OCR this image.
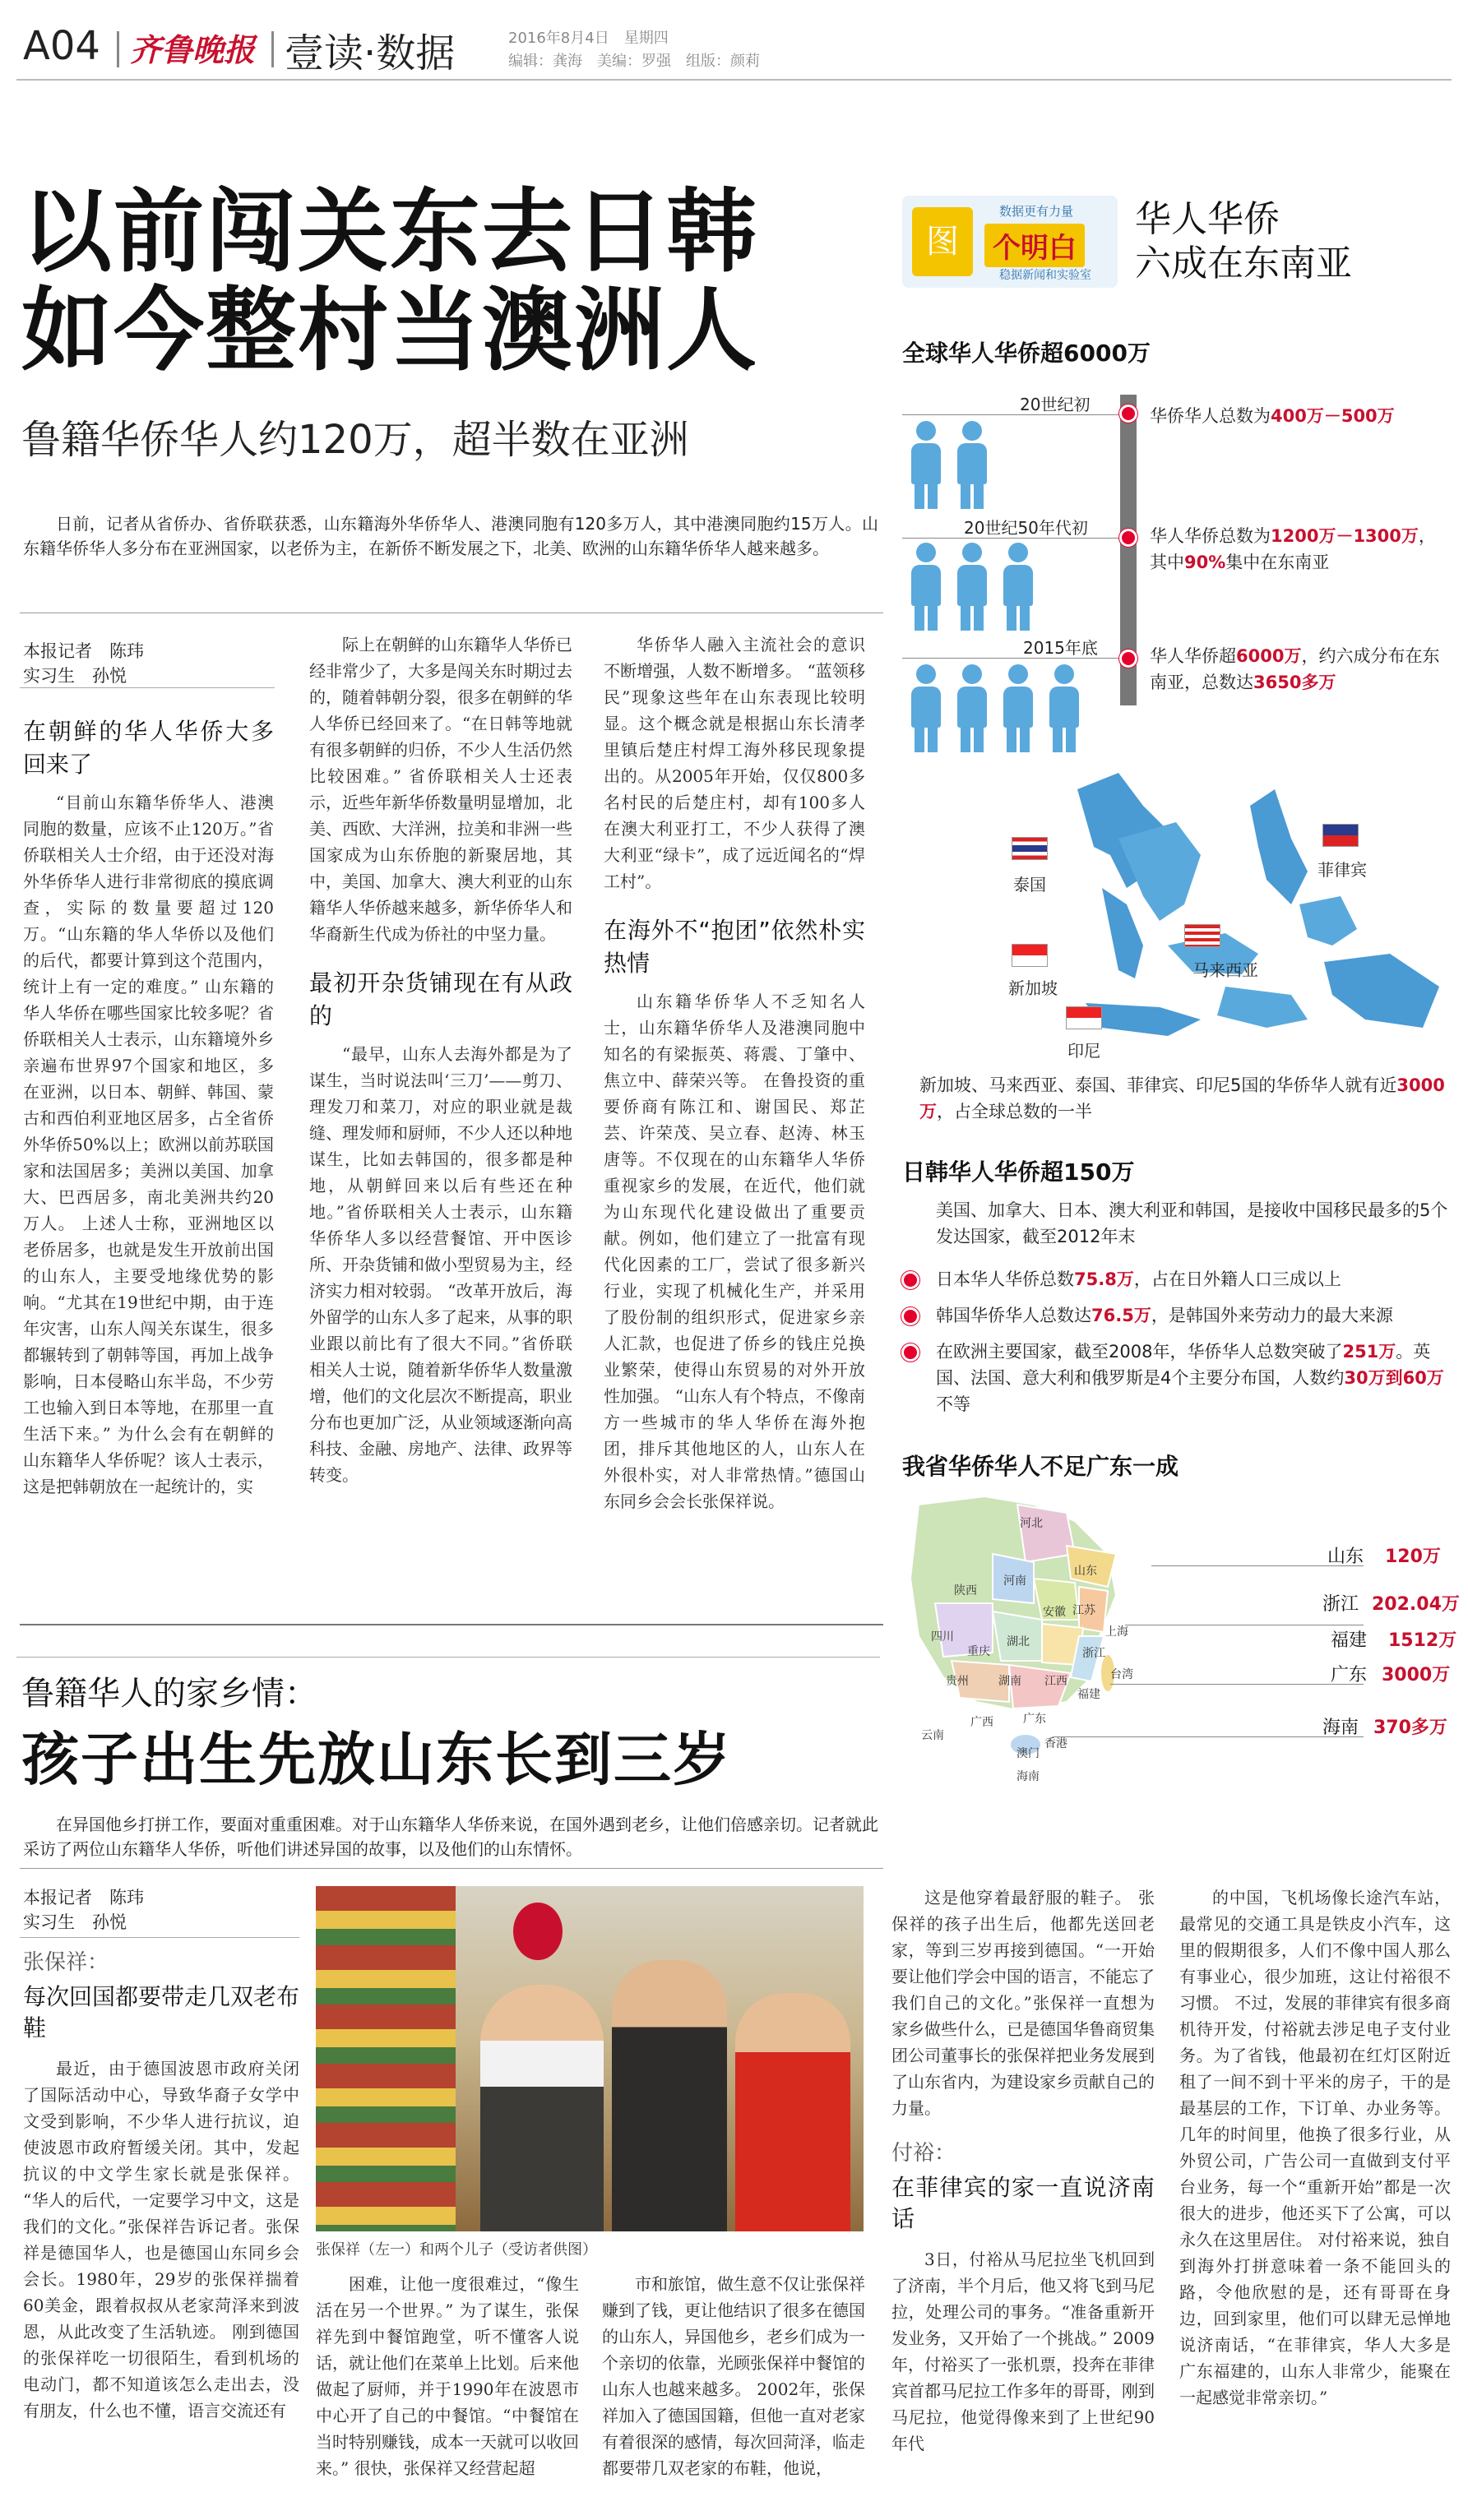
A04 齐鲁晚报 壹读·数据	2016年8月4日　 星期四
编辑：龚海　美编：罗强　组版：颜莉
以前闯关东去日韩
如今整村当澳洲人
鲁籍华侨华人约120万，超半数在亚洲
日前，记者从省侨办、省侨联获悉，山东籍海外华侨华人、港澳同胞有120多万人，其中港澳同胞约15万人。山东籍华侨华人多分布在亚洲国家，以老侨为主，在新侨不断发展之下，北美、欧洲的山东籍华侨华人越来越多。
本报记者　陈玮
实习生　孙悦
在朝鲜的华人华侨大多回来了

“目前山东籍华侨华人、港澳同胞的数量，应该不止120万。”省侨联相关人士介绍，由于还没对海外华侨华人进行非常彻底的摸底调查，实际的数量要超过120万。“山东籍的华人华侨以及他们的后代，都要计算到这个范围内，统计上有一定的难度。” 山东籍的华人华侨在哪些国家比较多呢？省侨联相关人士表示，山东籍境外乡亲遍布世界97个国家和地区，多在亚洲，以日本、朝鲜、韩国、蒙古和西伯利亚地区居多，占全省侨外华侨50%以上；欧洲以前苏联国家和法国居多；美洲以美国、加拿大、巴西居多，南北美洲共约20万人。 上述人士称，亚洲地区以老侨居多，也就是发生开放前出国的山东人，主要受地缘优势的影响。“尤其在19世纪中期，由于连年灾害，山东人闯关东谋生，很多都辗转到了朝韩等国，再加上战争影响，日本侵略山东半岛，不少劳工也输入到日本等地，在那里一直生活下来。” 为什么会有在朝鲜的山东籍华人华侨呢？该人士表示，这是把韩朝放在一起统计的，实

际上在朝鲜的山东籍华人华侨已经非常少了，大多是闯关东时期过去的，随着韩朝分裂，很多在朝鲜的华人华侨已经回来了。“在日韩等地就有很多朝鲜的归侨，不少人生活仍然比较困难。” 省侨联相关人士还表示，近些年新华侨数量明显增加，北美、西欧、大洋洲，拉美和非洲一些国家成为山东侨胞的新聚居地，其中，美国、加拿大、澳大利亚的山东籍华人华侨越来越多，新华侨华人和华裔新生代成为侨社的中坚力量。

最初开杂货铺现在有从政的

“最早，山东人去海外都是为了谋生，当时说法叫‘三刀’——剪刀、理发刀和菜刀，对应的职业就是裁缝、理发师和厨师，不少人还以种地谋生，比如去韩国的，很多都是种地，从朝鲜回来以后有些还在种地。”省侨联相关人士表示，山东籍华侨华人多以经营餐馆、开中医诊所、开杂货铺和做小型贸易为主，经济实力相对较弱。 “改革开放后，海外留学的山东人多了起来，从事的职业跟以前比有了很大不同。”省侨联相关人士说，随着新华侨华人数量激增，他们的文化层次不断提高，职业分布也更加广泛，从业领域逐渐向高科技、金融、房地产、法律、政界等转变。

华侨华人融入主流社会的意识不断增强，人数不断增多。 “蓝领移民”现象这些年在山东表现比较明显。这个概念就是根据山东长清孝里镇后楚庄村焊工海外移民现象提出的。从2005年开始，仅仅800多名村民的后楚庄村，却有100多人在澳大利亚打工，不少人获得了澳大利亚“绿卡”，成了远近闻名的“焊工村”。

在海外不“抱团”依然朴实热情

山东籍华侨华人不乏知名人士，山东籍华侨华人及港澳同胞中知名的有梁振英、蒋震、丁肇中、焦立中、薛荣兴等。 在鲁投资的重要侨商有陈江和、谢国民、郑芷芸、许荣茂、吴立春、赵涛、林玉唐等。不仅现在的山东籍华人华侨重视家乡的发展，在近代，他们就为山东现代化建设做出了重要贡献。例如，他们建立了一批富有现代化因素的工厂，尝试了很多新兴行业，实现了机械化生产，并采用了股份制的组织形式，促进家乡亲人汇款，也促进了侨乡的钱庄兑换业繁荣，使得山东贸易的对外开放性加强。 “山东人有个特点，不像南方一些城市的华人华侨在海外抱团，排斥其他地区的人，山东人在外很朴实，对人非常热情。”德国山东同乡会会长张保祥说。

数据更有力量
图	个明白
稳据新闻和实验室
华人华侨
六成在东南亚
全球华人华侨超6000万
20世纪初
华侨华人总数为400万－500万
20世纪50年代初	华人华侨总数为1200万－1300万，其中90%集中在东南亚
2015年底	华人华侨超6000万，约六成分布在东南亚，总数达3650多万
泰国
菲律宾
新加坡
马来西亚
印尼
新加坡、马来西亚、泰国、菲律宾、印尼5国的华侨华人就有近3000万，占全球总数的一半
日韩华人华侨超150万
美国、加拿大、日本、澳大利亚和韩国，是接收中国移民最多的5个发达国家，截至2012年末
日本华人华侨总数75.8万，占在日外籍人口三成以上
韩国华侨华人总数达76.5万，是韩国外来劳动力的最大来源
在欧洲主要国家，截至2008年，华侨华人总数突破了251万。英国、法国、意大利和俄罗斯是4个主要分布国，人数约30万到60万不等
我省华侨华人不足广东一成
河北
山东
河南
江苏
安徽
上海
湖北
浙江
湖南 江西
福建
贵州
广西	广东
台湾
香港
澳门
海南
陕西
四川
云南
重庆
山东 120万
浙江 202.04万
福建 1512万
广东 3000万
海南 370多万
鲁籍华人的家乡情：
孩子出生先放山东长到三岁
在异国他乡打拼工作，要面对重重困难。对于山东籍华人华侨来说，在国外遇到老乡，让他们倍感亲切。记者就此采访了两位山东籍华人华侨，听他们讲述异国的故事，以及他们的山东情怀。
本报记者　陈玮
实习生　孙悦
张保祥：
每次回国都要带走几双老布鞋

最近，由于德国波恩市政府关闭了国际活动中心，导致华裔子女学中文受到影响，不少华人进行抗议，迫使波恩市政府暂缓关闭。其中，发起抗议的中文学生家长就是张保祥。 “华人的后代，一定要学习中文，这是我们的文化。”张保祥告诉记者。张保祥是德国华人，也是德国山东同乡会会长。1980年，29岁的张保祥揣着60美金，跟着叔叔从老家菏泽来到波恩，从此改变了生活轨迹。 刚到德国的张保祥吃一切很陌生，看到机场的电动门，都不知道该怎么走出去，没有朋友，什么也不懂，语言交流还有

张保祥（左一）和两个儿子（受访者供图）

困难，让他一度很难过，“像生活在另一个世界。” 为了谋生，张保祥先到中餐馆跑堂，听不懂客人说话，就让他们在菜单上比划。后来他做起了厨师，并于1990年在波恩市中心开了自己的中餐馆。“中餐馆在当时特别赚钱，成本一天就可以收回来。” 很快，张保祥又经营起超

市和旅馆，做生意不仅让张保祥赚到了钱，更让他结识了很多在德国的山东人，异国他乡，老乡们成为一个亲切的依靠，光顾张保祥中餐馆的山东人也越来越多。 2002年，张保祥加入了德国国籍，但他一直对老家有着很深的感情，每次回菏泽，临走都要带几双老家的布鞋，他说，

这是他穿着最舒服的鞋子。 张保祥的孩子出生后，他都先送回老家，等到三岁再接到德国。“一开始要让他们学会中国的语言，不能忘了我们自己的文化。”张保祥一直想为家乡做些什么，已是德国华鲁商贸集团公司董事长的张保祥把业务发展到了山东省内，为建设家乡贡献自己的力量。

付裕：
在菲律宾的家一直说济南话

3日，付裕从马尼拉坐飞机回到了济南，半个月后，他又将飞到马尼拉，处理公司的事务。“准备重新开发业务，又开始了一个挑战。” 2009年，付裕买了一张机票，投奔在菲律宾首都马尼拉工作多年的哥哥，刚到马尼拉，他觉得像来到了上世纪90年代

的中国，飞机场像长途汽车站，最常见的交通工具是铁皮小汽车，这里的假期很多，人们不像中国人那么有事业心，很少加班，这让付裕很不习惯。 不过，发展的菲律宾有很多商机待开发，付裕就去涉足电子支付业务。为了省钱，他最初在红灯区附近租了一间不到十平米的房子，干的是最基层的工作，下订单、办业务等。 几年的时间里，他换了很多行业，从外贸公司，广告公司一直做到支付平台业务，每一个“重新开始”都是一次很大的进步，他还买下了公寓，可以永久在这里居住。 对付裕来说，独自到海外打拼意味着一条不能回头的路，令他欣慰的是，还有哥哥在身边，回到家里，他们可以肆无忌惮地说济南话，“在菲律宾，华人大多是广东福建的，山东人非常少，能聚在一起感觉非常亲切。”
